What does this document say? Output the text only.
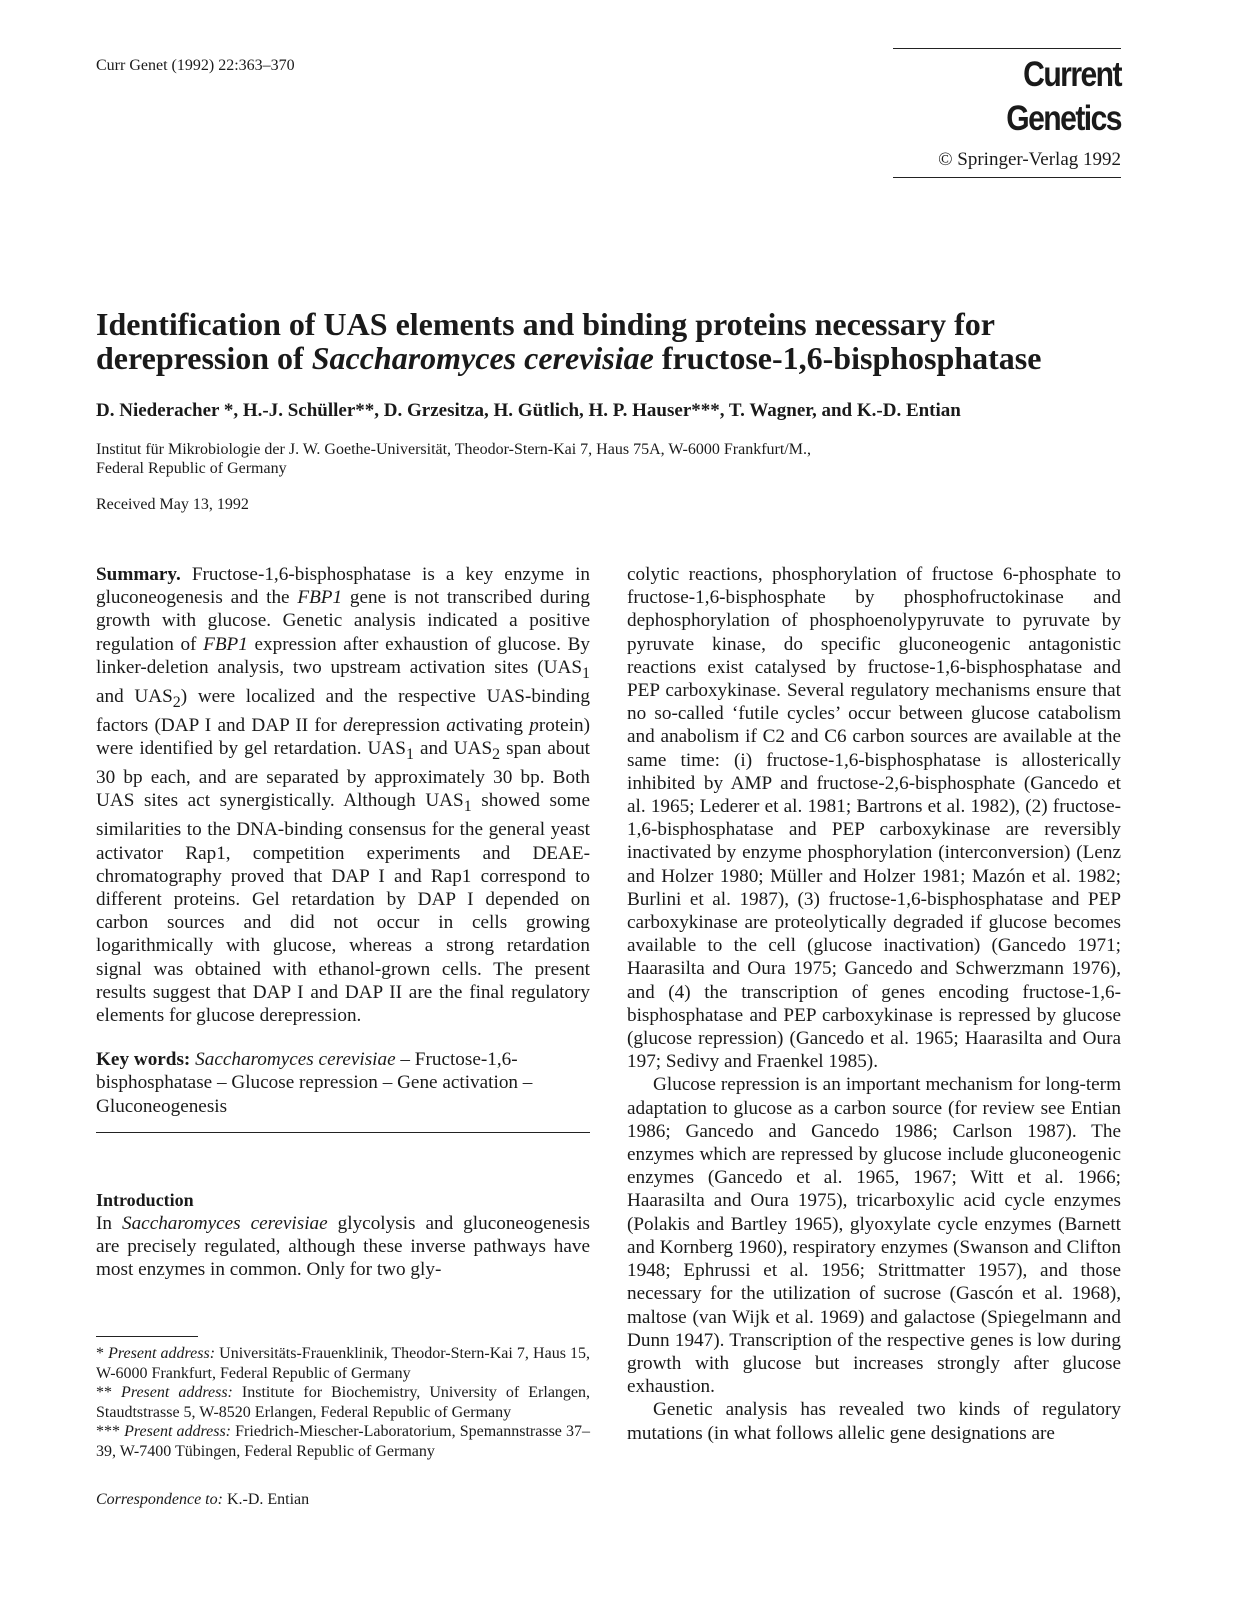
Curr Genet (1992) 22:363–370	Current Genetics
© Springer-Verlag 1992
Identification of UAS elements and binding proteins necessary for
derepression of Saccharomyces cerevisiae fructose-1,6-bisphosphatase
D. Niederacher *, H.-J. Schüller**, D. Grzesitza, H. Gütlich, H. P. Hauser***, T. Wagner, and K.-D. Entian
Institut für Mikrobiologie der J. W. Goethe-Universität, Theodor-Stern-Kai 7, Haus 75A, W-6000 Frankfurt/M.,
Federal Republic of Germany
Received May 13, 1992

Summary. Fructose-1,6-bisphosphatase is a key enzyme in gluconeogenesis and the FBP1 gene is not transcribed during growth with glucose. Genetic analysis indicated a positive regulation of FBP1 expression after exhaustion of glucose. By linker-deletion analysis, two upstream activation sites ($UAS_1$ and $UAS_2$) were localized and the respective UAS-binding factors (DAP I and DAP II for derepression activating protein) were identified by gel retardation. $UAS_1$ and $UAS_2$ span about 30 bp each, and are separated by approximately 30 bp. Both UAS sites act synergistically. Although $UAS_1$ showed some similarities to the DNA-binding consensus for the general yeast activator Rap1, competition experiments and DEAE-chromatography proved that DAP I and Rap1 correspond to different proteins. Gel retardation by DAP I depended on carbon sources and did not occur in cells growing logarithmically with glucose, whereas a strong retardation signal was obtained with ethanol-grown cells. The present results suggest that DAP I and DAP II are the final regulatory elements for glucose derepression.

Key words: Saccharomyces cerevisiae – Fructose-1,6-bisphosphatase – Glucose repression – Gene activation – Gluconeogenesis

Introduction

In Saccharomyces cerevisiae glycolysis and gluconeogenesis are precisely regulated, although these inverse pathways have most enzymes in common. Only for two gly-

* Present address: Universitäts-Frauenklinik, Theodor-Stern-Kai 7, Haus 15, W-6000 Frankfurt, Federal Republic of Germany

** Present address: Institute for Biochemistry, University of Erlangen, Staudtstrasse 5, W-8520 Erlangen, Federal Republic of Germany

*** Present address: Friedrich-Miescher-Laboratorium, Spemannstrasse 37–39, W-7400 Tübingen, Federal Republic of Germany

Correspondence to: K.-D. Entian

colytic reactions, phosphorylation of fructose 6-phosphate to fructose-1,6-bisphosphate by phosphofructokinase and dephosphorylation of phosphoenolypyruvate to pyruvate by pyruvate kinase, do specific gluconeogenic antagonistic reactions exist catalysed by fructose-1,6-bisphosphatase and PEP carboxykinase. Several regulatory mechanisms ensure that no so-called ‘futile cycles’ occur between glucose catabolism and anabolism if C2 and C6 carbon sources are available at the same time: (i) fructose-1,6-bisphosphatase is allosterically inhibited by AMP and fructose-2,6-bisphosphate (Gancedo et al. 1965; Lederer et al. 1981; Bartrons et al. 1982), (2) fructose-1,6-bisphosphatase and PEP carboxykinase are reversibly inactivated by enzyme phosphorylation (interconversion) (Lenz and Holzer 1980; Müller and Holzer 1981; Mazón et al. 1982; Burlini et al. 1987), (3) fructose-1,6-bisphosphatase and PEP carboxykinase are proteolytically degraded if glucose becomes available to the cell (glucose inactivation) (Gancedo 1971; Haarasilta and Oura 1975; Gancedo and Schwerzmann 1976), and (4) the transcription of genes encoding fructose-1,6-bisphosphatase and PEP carboxykinase is repressed by glucose (glucose repression) (Gancedo et al. 1965; Haarasilta and Oura 197; Sedivy and Fraenkel 1985).

Glucose repression is an important mechanism for long-term adaptation to glucose as a carbon source (for review see Entian 1986; Gancedo and Gancedo 1986; Carlson 1987). The enzymes which are repressed by glucose include gluconeogenic enzymes (Gancedo et al. 1965, 1967; Witt et al. 1966; Haarasilta and Oura 1975), tricarboxylic acid cycle enzymes (Polakis and Bartley 1965), glyoxylate cycle enzymes (Barnett and Kornberg 1960), respiratory enzymes (Swanson and Clifton 1948; Ephrussi et al. 1956; Strittmatter 1957), and those necessary for the utilization of sucrose (Gascón et al. 1968), maltose (van Wijk et al. 1969) and galactose (Spiegelmann and Dunn 1947). Transcription of the respective genes is low during growth with glucose but increases strongly after glucose exhaustion.

Genetic analysis has revealed two kinds of regulatory mutations (in what follows allelic gene designations are
